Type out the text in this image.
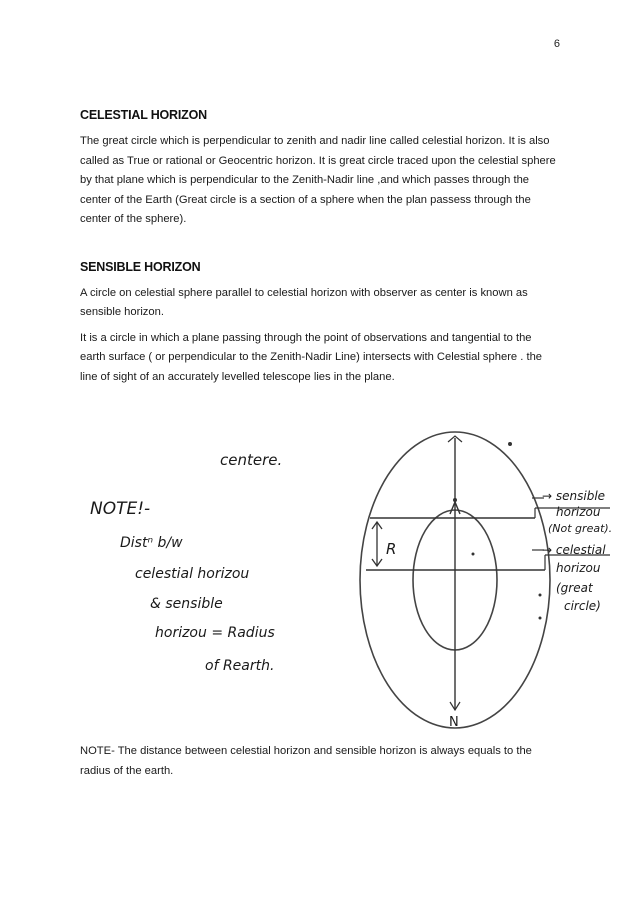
6
CELESTIAL HORIZON

The great circle which is perpendicular to zenith and nadir line called celestial horizon. It is also called as True or rational or Geocentric horizon. It is great circle traced upon the celestial sphere by that plane which is perpendicular to the Zenith-Nadir line ,and which passes through the center of the Earth (Great circle is a section of a sphere when the plan passess through the center of the sphere).

SENSIBLE HORIZON

A circle on celestial sphere parallel to celestial horizon with observer as center is known as sensible horizon.

It is a circle in which a plane passing through the point of observations and tangential to the earth surface ( or perpendicular to the Zenith-Nadir Line) intersects with Celestial sphere . the line of sight of an accurately levelled telescope lies in the plane.

centere.
NOTE!-
Distⁿ b/w
celestial horizou
& sensible
horizou = Radius
of Rearth.
R
N
→ sensible
horizou
(Not great).
→ celestial
horizou
(great
circle)

NOTE- The distance between celestial horizon and sensible horizon is always equals to the radius of the earth.
